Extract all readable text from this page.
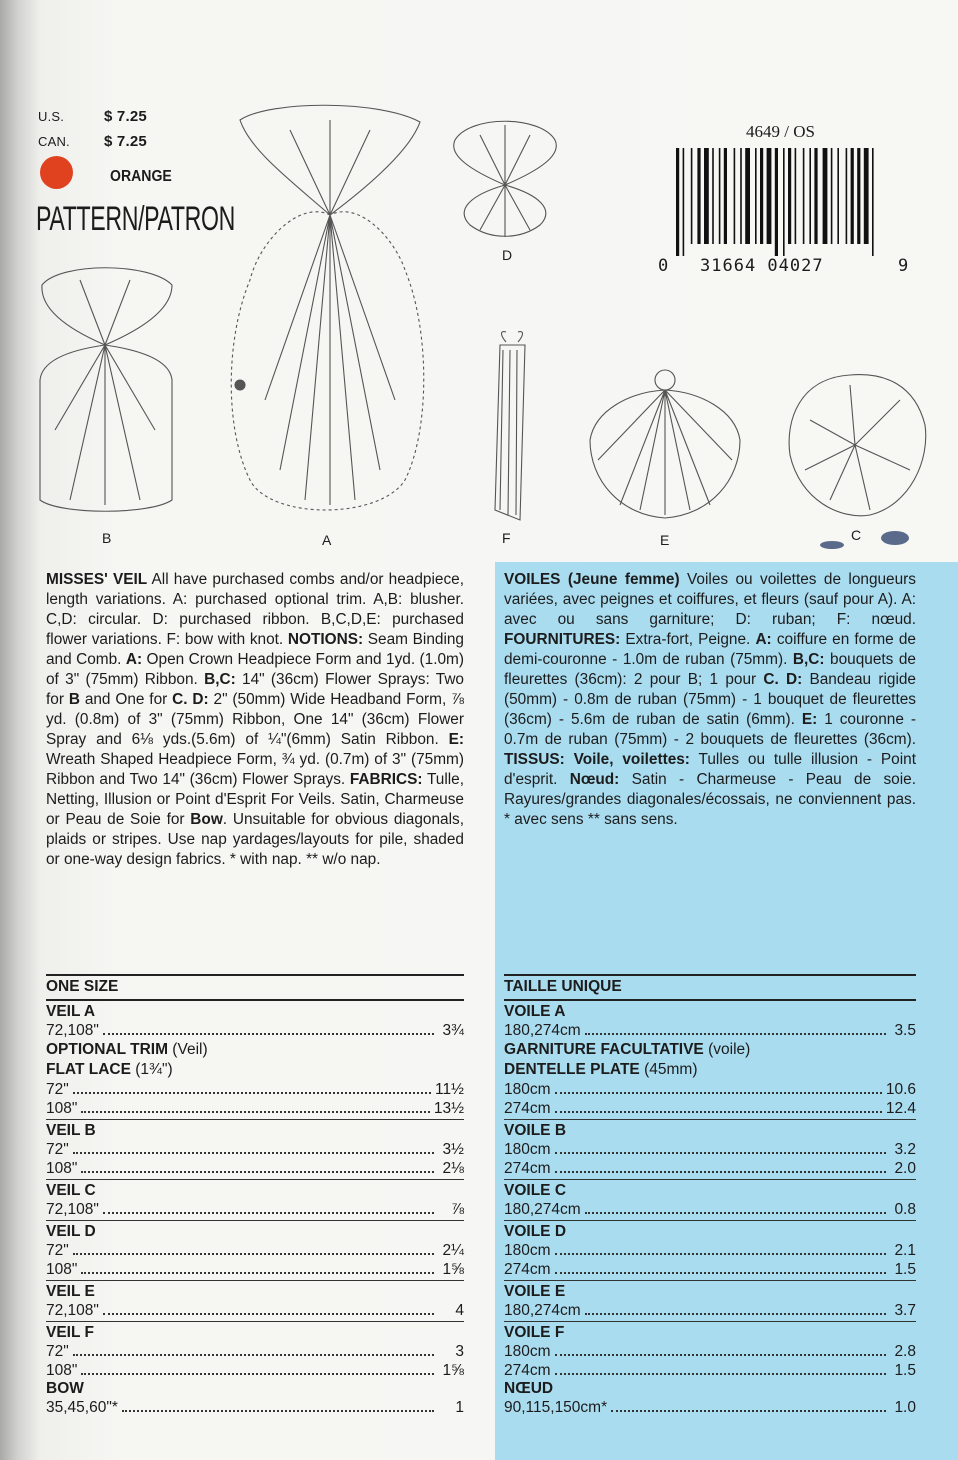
U.S.	$ 7.25
CAN. $ 7.25
ORANGE
PATTERN/PATRON
4649 / OS
0 31664 04027	9
B	A
D
F	E	C
MISSES' VEIL All have purchased combs and/or headpiece, length variations. A: purchased optional trim. A,B: blusher. C,D: circular. D: purchased ribbon. B,C,D,E: purchased flower variations. F: bow with knot. NOTIONS: Seam Binding and Comb. A: Open Crown Headpiece Form and 1yd. (1.0m) of 3" (75mm) Ribbon. B,C: 14" (36cm) Flower Sprays: Two for B and One for C. D: 2" (50mm) Wide Headband Form, ⅞ yd. (0.8m) of 3" (75mm) Ribbon, One 14" (36cm) Flower Spray and 6⅛ yds.(5.6m) of ¼"(6mm) Satin Ribbon. E: Wreath Shaped Headpiece Form, ¾ yd. (0.7m) of 3" (75mm) Ribbon and Two 14" (36cm) Flower Sprays. FABRICS: Tulle, Netting, Illusion or Point d'Esprit For Veils. Satin, Charmeuse or Peau de Soie for Bow. Unsuitable for obvious diagonals, plaids or stripes. Use nap yardages/layouts for pile, shaded or one-way design fabrics. * with nap. ** w/o nap.
VOILES (Jeune femme) Voiles ou voilettes de longueurs variées, avec peignes et coiffures, et fleurs (sauf pour A). A: avec ou sans garniture; D: ruban; F: nœud. FOURNITURES: Extra-fort, Peigne. A: coiffure en forme de demi-couronne - 1.0m de ruban (75mm). B,C: bouquets de fleurettes (36cm): 2 pour B; 1 pour C. D: Bandeau rigide (50mm) - 0.8m de ruban (75mm) - 1 bouquet de fleurettes (36cm) - 5.6m de ruban de satin (6mm). E: 1 couronne - 0.7m de ruban (75mm) - 2 bouquets de fleurettes (36cm). TISSUS: Voile, voilettes: Tulles ou tulle illusion - Point d'esprit. Nœud: Satin - Charmeuse - Peau de soie. Rayures/grandes diagonales/écossais, ne conviennent pas. * avec sens ** sans sens.
ONE SIZE
VEIL A
72,108"	3¾
OPTIONAL TRIM (Veil)
FLAT LACE (1¾")
72"	11½
108"	13½
VEIL B
72"	3½
108"	2⅛
VEIL C
72,108"	⅞
VEIL D
72"	2¼
108"	1⅝
VEIL E
72,108"	4
VEIL F
72"	3
108"	1⅝
BOW
35,45,60"*	1
TAILLE UNIQUE
VOILE A
180,274cm	3.5
GARNITURE FACULTATIVE (voile)
DENTELLE PLATE (45mm)
180cm	10.6
274cm	12.4
VOILE B
180cm	3.2
274cm	2.0
VOILE C
180,274cm	0.8
VOILE D
180cm	2.1
274cm	1.5
VOILE E
180,274cm	3.7
VOILE F
180cm	2.8
274cm	1.5
NŒUD
90,115,150cm*	1.0
